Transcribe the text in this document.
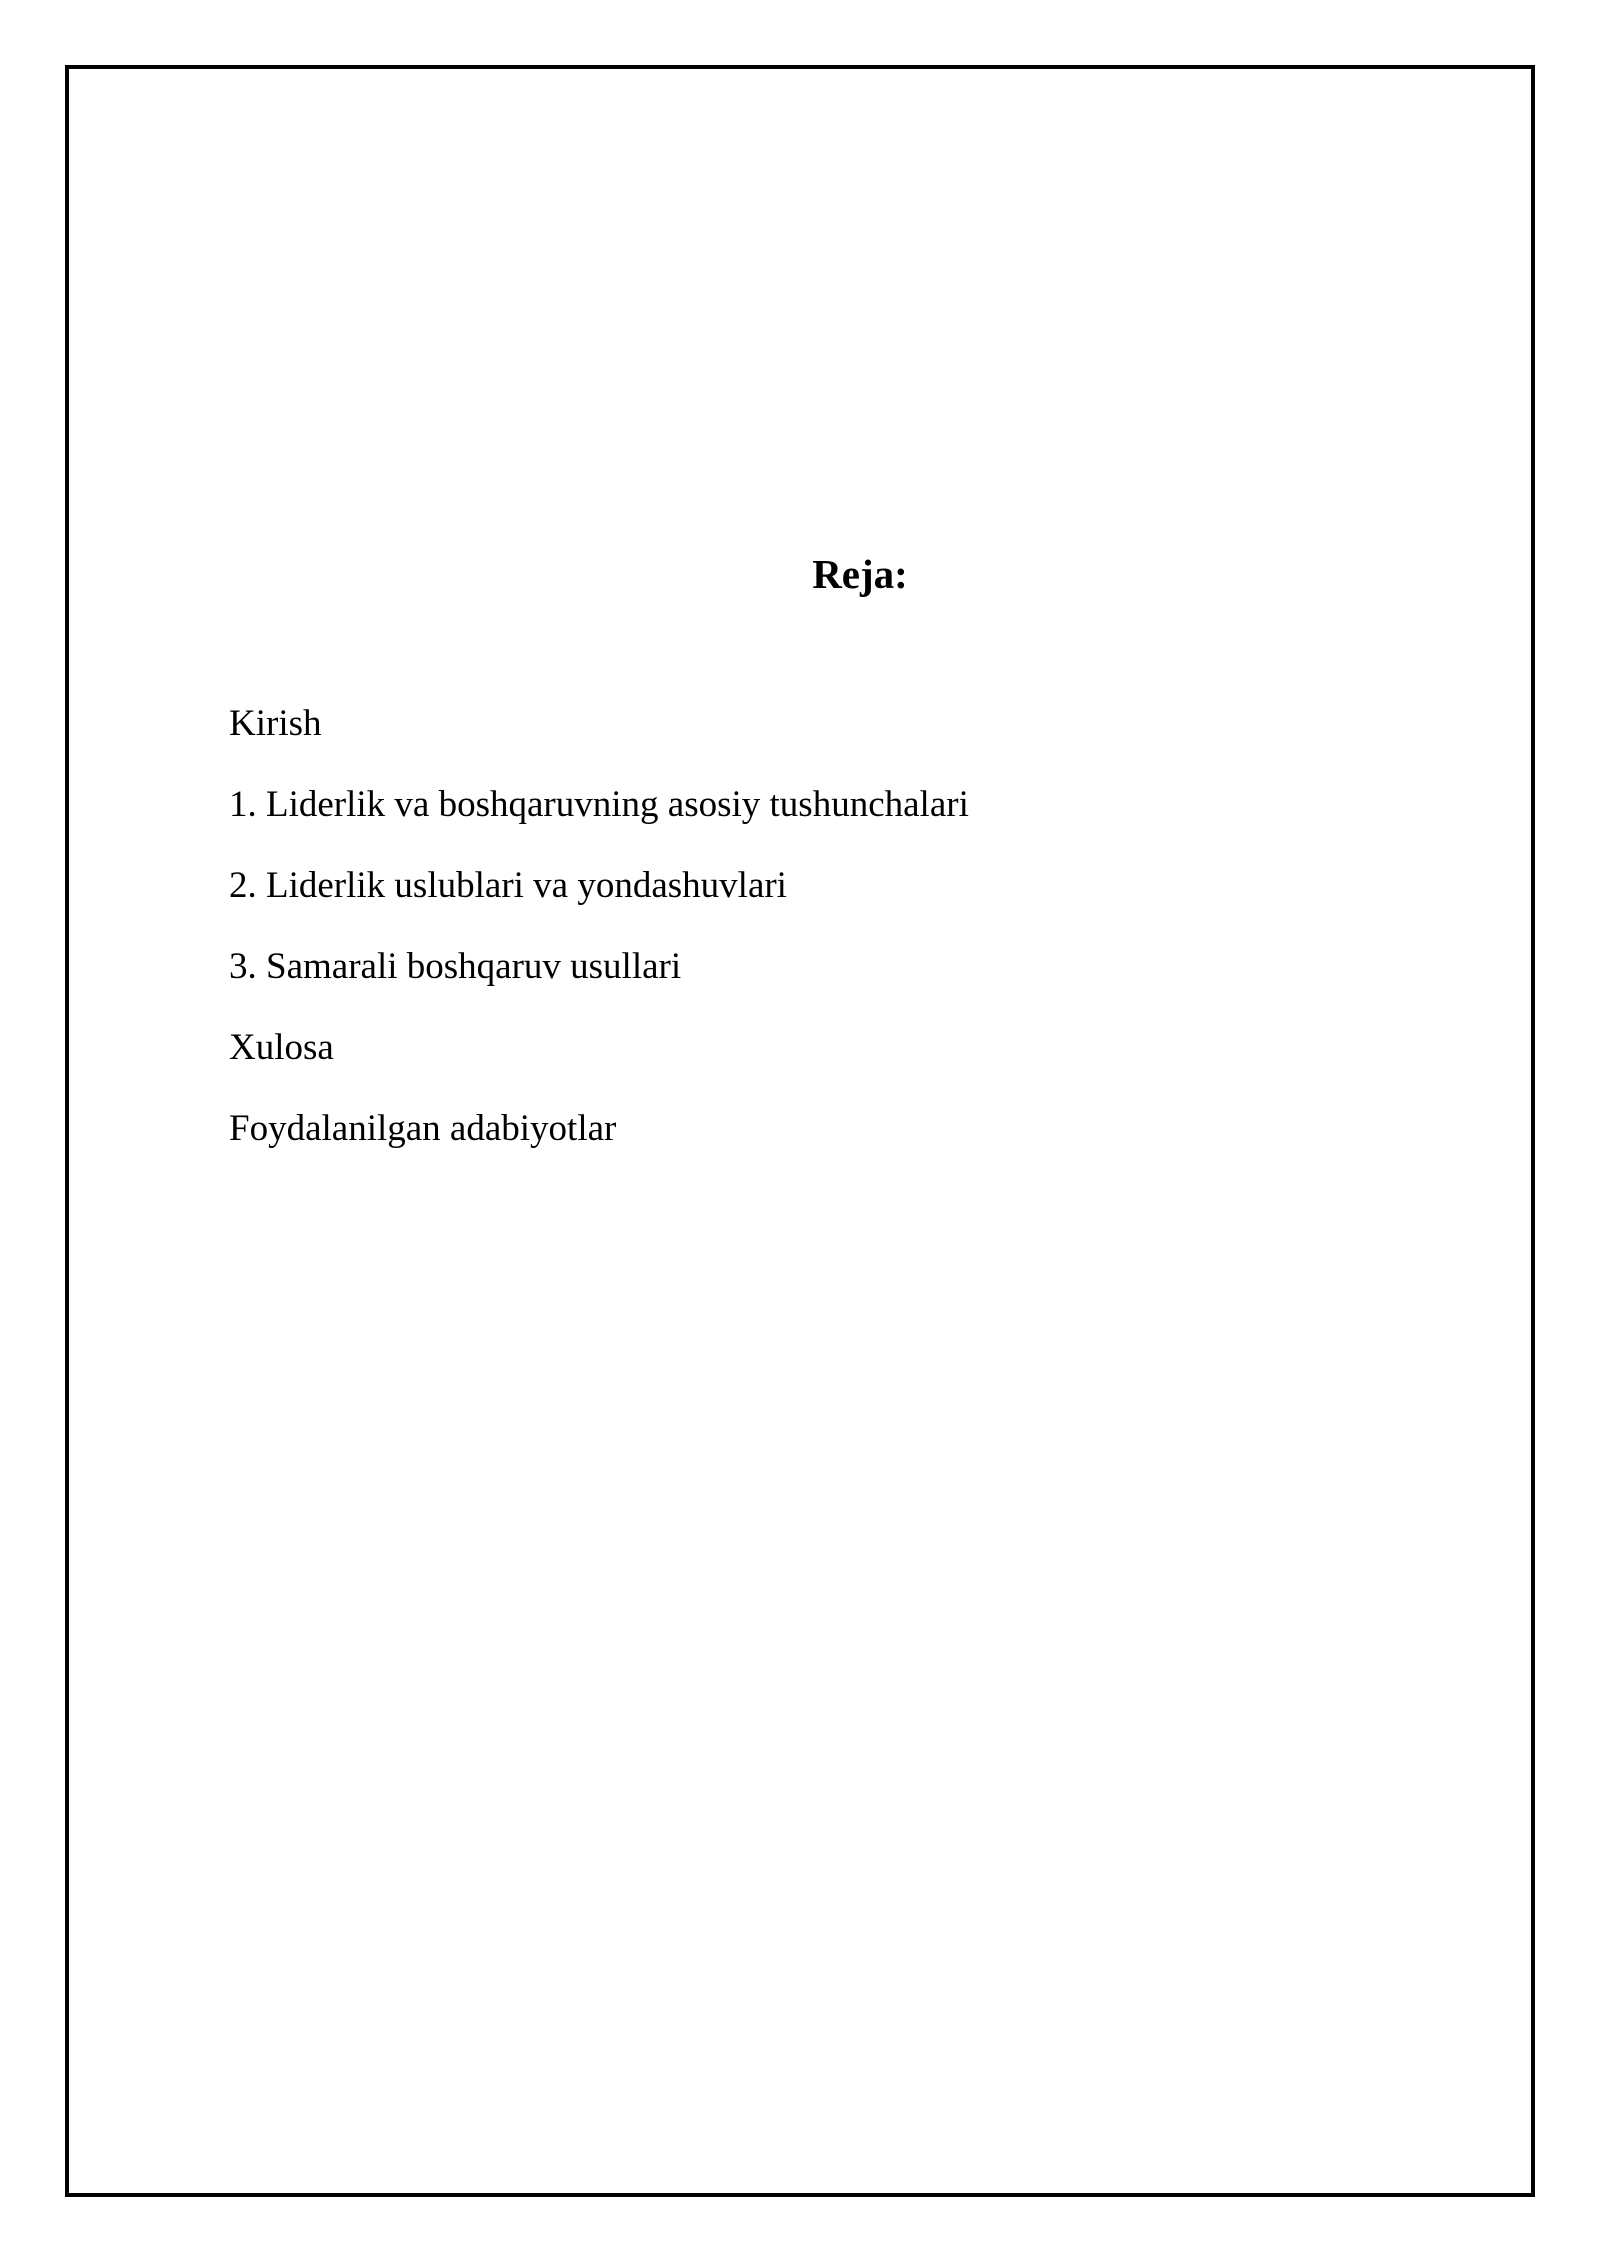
Reja:
Kirish
1. Liderlik va boshqaruvning asosiy tushunchalari
2. Liderlik uslublari va yondashuvlari
3. Samarali boshqaruv usullari
Xulosa
Foydalanilgan adabiyotlar
